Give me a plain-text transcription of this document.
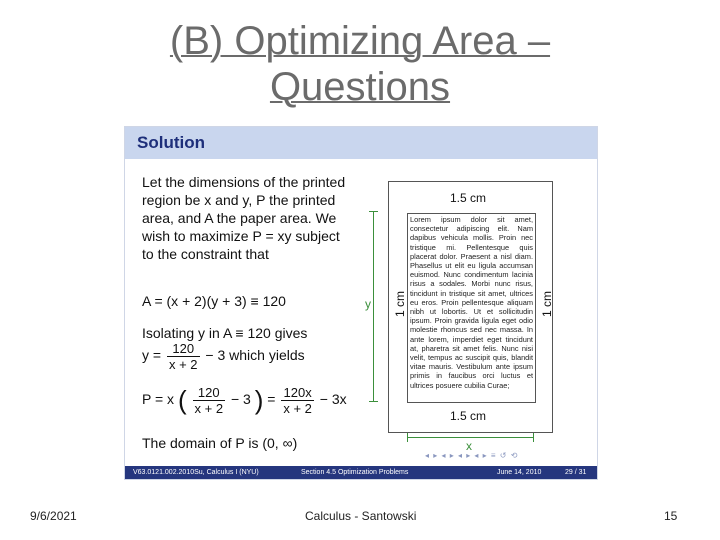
(B) Optimizing Area –
Questions
Solution
Let the dimensions of the printed region be x and y, P the printed area, and A the paper area. We wish to maximize P = xy subject to the constraint that
A = (x + 2)(y + 3) ≡ 120
Isolating y in A ≡ 120 gives
$y = \frac{120}{x + 2} - 3$ which yields
P = x ( $\frac{120}{x + 2} - 3$ ) = $\frac{120x}{x + 2} - 3x$
The domain of P is (0, ∞)
Lorem ipsum dolor sit amet, consectetur adipiscing elit. Nam dapibus vehicula mollis. Proin nec tristique mi. Pellentesque quis placerat dolor. Praesent a nisl diam. Phasellus ut elit eu ligula accumsan euismod. Nunc condimentum lacinia risus a sodales. Morbi nunc risus, tincidunt in tristique sit amet, ultrices eu eros. Proin pellentesque aliquam nibh ut lobortis. Ut et sollicitudin ipsum. Proin gravida ligula eget odio molestie rhoncus sed nec massa. In ante lorem, imperdiet eget tincidunt at, pharetra sit amet felis. Nunc nisi velit, tempus ac suscipit quis, blandit vitae mauris. Vestibulum ante ipsum primis in faucibus orci luctus et ultrices posuere cubilia Curae;
1.5 cm
1.5 cm
1 cm	1 cm
y
x
◂ ▸ ◂ ▸ ◂ ▸ ◂ ▸ ≡ ↺ ⟲
V63.0121.002.2010Su, Calculus I (NYU)	Section 4.5 Optimization Problems	June 14, 2010	29 / 31
9/6/2021	Calculus - Santowski	15
